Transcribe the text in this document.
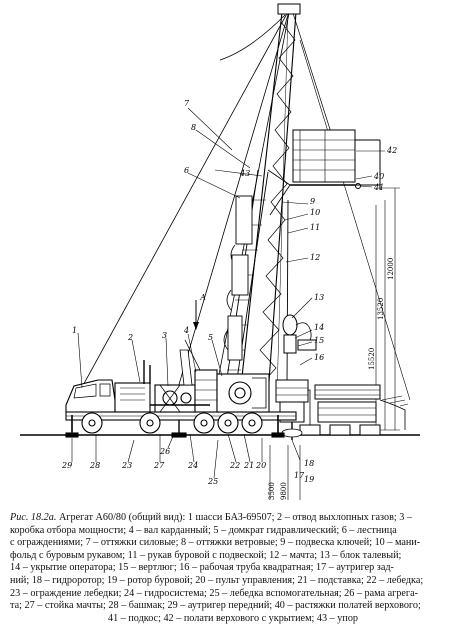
1
2	3
4
5
6
7
8
9
10
11
12
13
14
15
16
17
18
19
20
21
22
23	24
25
26
27
28
29
40
41
42
43
А
15520
13520
12000
9800
3500
Рис. 18.2а. Агрегат А60/80 (общий вид): 1 шасси БАЗ-69507; 2 – отвод выхлопных газов; 3 –
коробка отбора мощности; 4 – вал карданный; 5 – домкрат гидравлический; 6 – лестница
с ограждениями; 7 – оттяжки силовые; 8 – оттяжки ветровые; 9 – подвеска ключей; 10 – мани-
фольд с буровым рукавом; 11 – рукав буровой с подвеской; 12 – мачта; 13 – блок талевый;
14 – укрытие оператора; 15 – вертлюг; 16 – рабочая труба квадратная; 17 – аутригер зад-
ний; 18 – гидроротор; 19 – ротор буровой; 20 – пульт управления; 21 – подставка; 22 – лебедка;
23 – ограждение лебедки; 24 – гидросистема; 25 – лебедка вспомогательная; 26 – рама агрега-
та; 27 – стойка мачты; 28 – башмак; 29 – аутригер передний; 40 – растяжки полатей верхового;
41 – подкос; 42 – полати верхового с укрытием; 43 – упор
